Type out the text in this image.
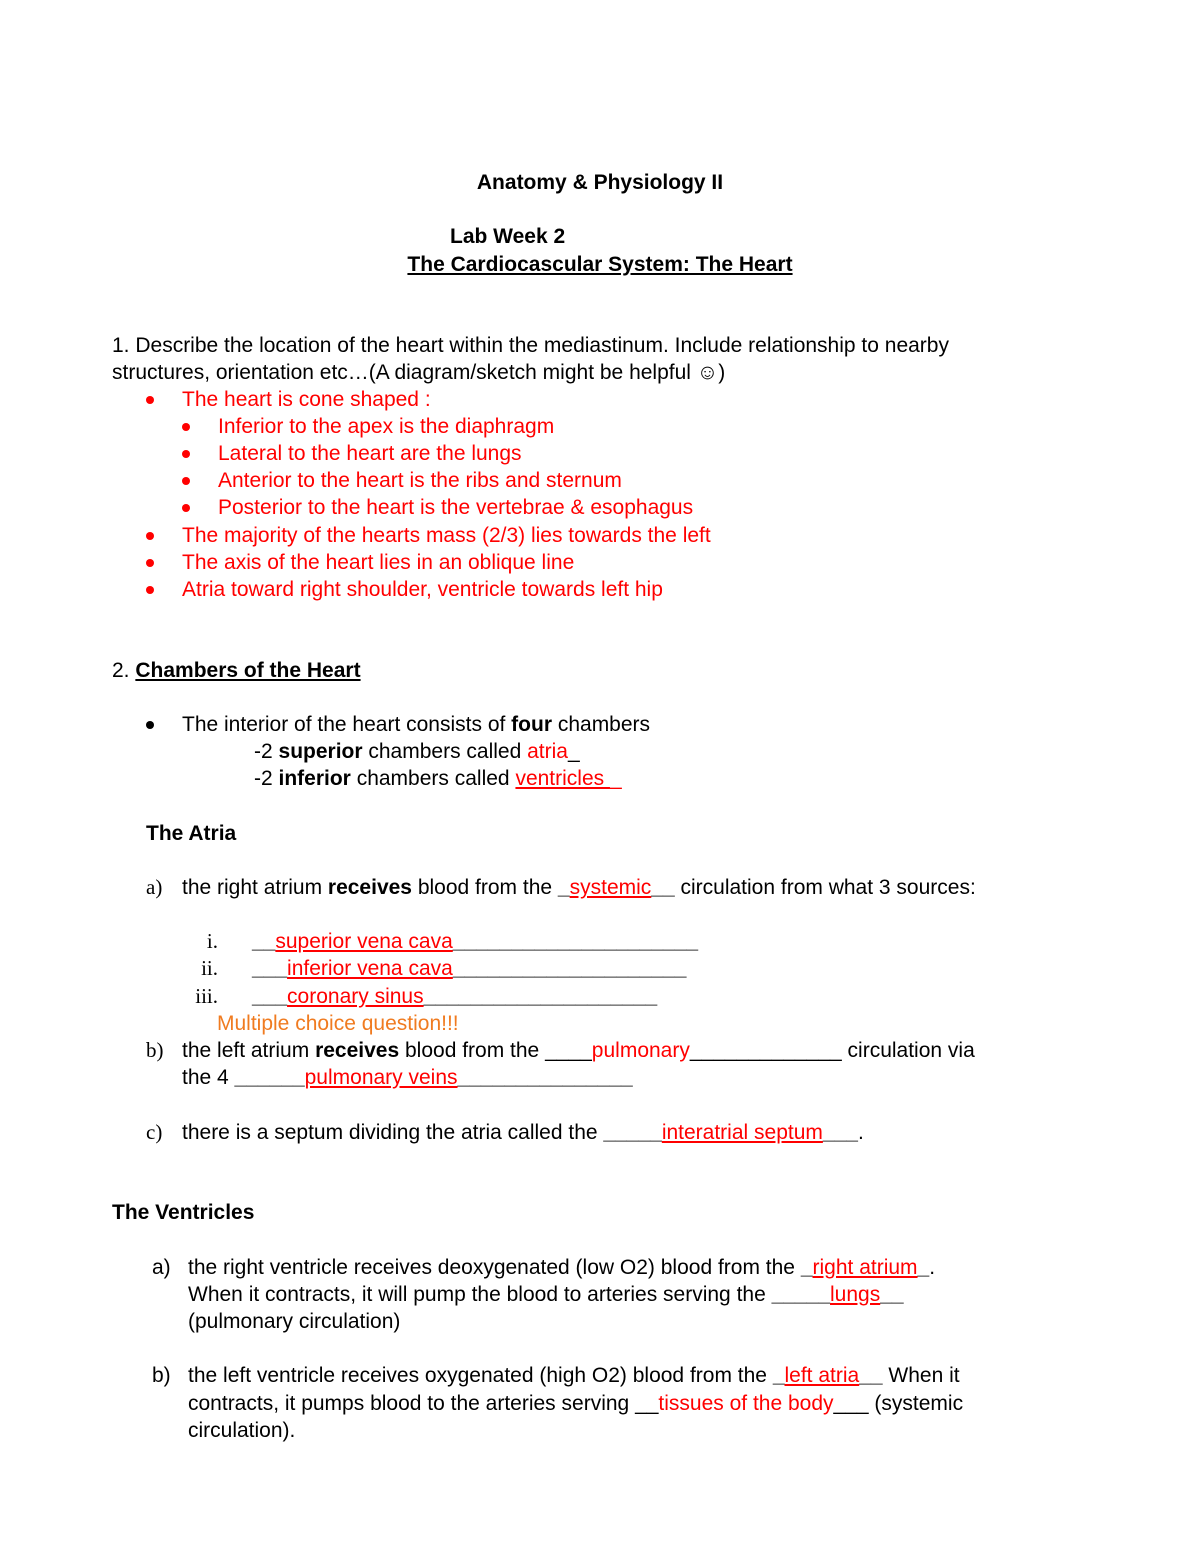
Anatomy & Physiology II
Lab Week 2
The Cardiocascular System: The Heart
1. Describe the location of the heart within the mediastinum. Include relationship to nearby
structures, orientation etc…(A diagram/sketch might be helpful ☺)
The heart is cone shaped :
Inferior to the apex is the diaphragm
Lateral to the heart are the lungs
Anterior to the heart is the ribs and sternum
Posterior to the heart is the vertebrae & esophagus
The majority of the hearts mass (2/3) lies towards the left
The axis of the heart lies in an oblique line
Atria toward right shoulder, ventricle towards left hip
2. Chambers of the Heart
The interior of the heart consists of four chambers
-2 superior chambers called atria_
-2 inferior chambers called ventricles _
The Atria
a) the right atrium receives blood from the _systemic__ circulation from what 3 sources:
i. __superior vena cava_____________________
ii. ___inferior vena cava____________________
iii. ___coronary sinus____________________
Multiple choice question!!!
b) the left atrium receives blood from the ____pulmonary_____________ circulation via
the 4 ______pulmonary veins_______________
c) there is a septum dividing the atria called the _____interatrial septum___.
The Ventricles
a) the right ventricle receives deoxygenated (low O2) blood from the _right atrium_.
When it contracts, it will pump the blood to arteries serving the _____lungs__
(pulmonary circulation)
b) the left ventricle receives oxygenated (high O2) blood from the _left atria__ When it
contracts, it pumps blood to the arteries serving __tissues of the body___ (systemic
circulation).
